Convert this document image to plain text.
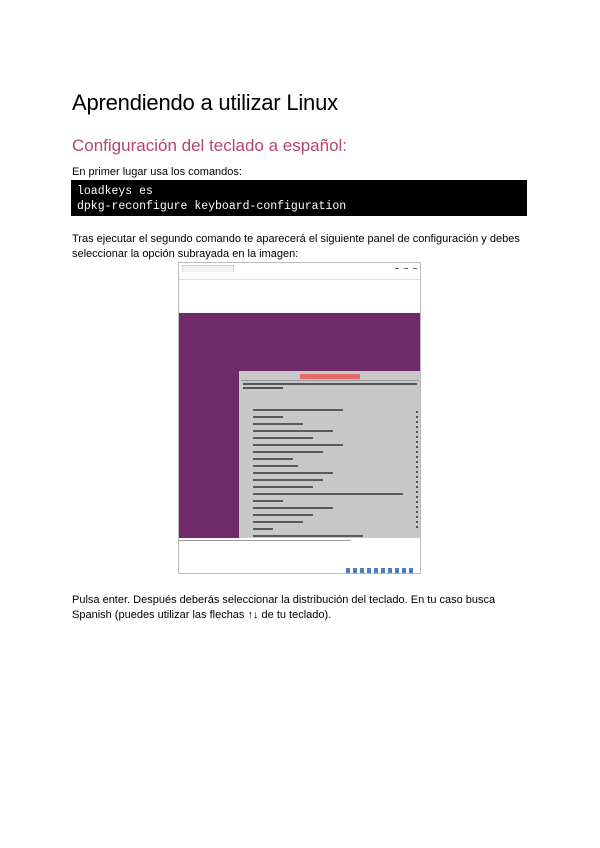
Aprendiendo a utilizar Linux
Configuración del teclado a español:

En primer lugar usa los comandos:

loadkeys es
dpkg-reconfigure keyboard-configuration

Tras ejecutar el segundo comando te aparecerá el siguiente panel de configuración y debes seleccionar la opción subrayada en la imagen:

Pulsa enter. Después deberás seleccionar la distribución del teclado. En tu caso busca Spanish (puedes utilizar las flechas ↑↓ de tu teclado).
